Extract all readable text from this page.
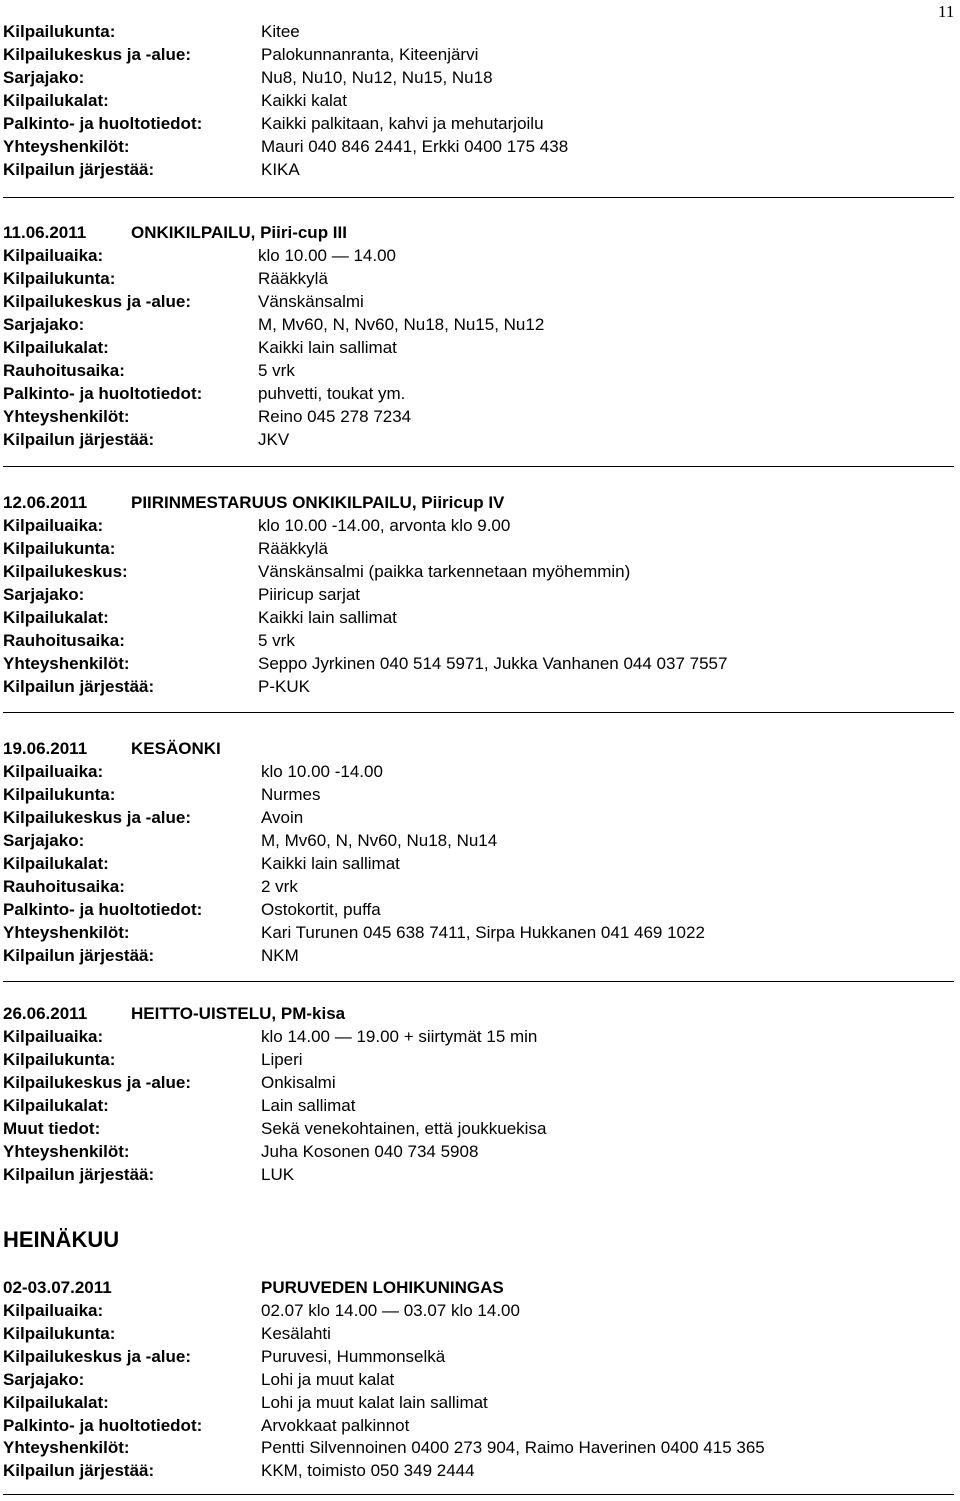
11
Kilpailukunta:	Kitee
Kilpailukeskus ja -alue:	Palokunnanranta, Kiteenjärvi
Sarjajako:	Nu8, Nu10, Nu12, Nu15, Nu18
Kilpailukalat:	Kaikki kalat
Palkinto- ja huoltotiedot:	Kaikki palkitaan, kahvi ja mehutarjoilu
Yhteyshenkilöt:	Mauri 040 846 2441, Erkki 0400 175 438
Kilpailun järjestää:	KIKA
11.06.2011	ONKIKILPAILU, Piiri-cup III
Kilpailuaika:	klo 10.00 — 14.00
Kilpailukunta:	Rääkkylä
Kilpailukeskus ja -alue:	Vänskänsalmi
Sarjajako:	M, Mv60, N, Nv60, Nu18, Nu15, Nu12
Kilpailukalat:	Kaikki lain sallimat
Rauhoitusaika:	5 vrk
Palkinto- ja huoltotiedot:	puhvetti, toukat ym.
Yhteyshenkilöt:	Reino 045 278 7234
Kilpailun järjestää:	JKV
12.06.2011	PIIRINMESTARUUS ONKIKILPAILU, Piiricup IV
Kilpailuaika:	klo 10.00 -14.00, arvonta klo 9.00
Kilpailukunta:	Rääkkylä
Kilpailukeskus:	Vänskänsalmi (paikka tarkennetaan myöhemmin)
Sarjajako:	Piiricup sarjat
Kilpailukalat:	Kaikki lain sallimat
Rauhoitusaika:	5 vrk
Yhteyshenkilöt:	Seppo Jyrkinen 040 514 5971, Jukka Vanhanen 044 037 7557
Kilpailun järjestää:	P-KUK
19.06.2011	KESÄONKI
Kilpailuaika:	klo 10.00 -14.00
Kilpailukunta:	Nurmes
Kilpailukeskus ja -alue:	Avoin
Sarjajako:	M, Mv60, N, Nv60, Nu18, Nu14
Kilpailukalat:	Kaikki lain sallimat
Rauhoitusaika:	2 vrk
Palkinto- ja huoltotiedot:	Ostokortit, puffa
Yhteyshenkilöt:	Kari Turunen 045 638 7411, Sirpa Hukkanen 041 469 1022
Kilpailun järjestää:	NKM
26.06.2011	HEITTO-UISTELU, PM-kisa
Kilpailuaika:	klo 14.00 — 19.00 + siirtymät 15 min
Kilpailukunta:	Liperi
Kilpailukeskus ja -alue:	Onkisalmi
Kilpailukalat:	Lain sallimat
Muut tiedot:	Sekä venekohtainen, että joukkuekisa
Yhteyshenkilöt:	Juha Kosonen 040 734 5908
Kilpailun järjestää:	LUK
HEINÄKUU
02-03.07.2011	PURUVEDEN LOHIKUNINGAS
Kilpailuaika:	02.07 klo 14.00 — 03.07 klo 14.00
Kilpailukunta:	Kesälahti
Kilpailukeskus ja -alue:	Puruvesi, Hummonselkä
Sarjajako:	Lohi ja muut kalat
Kilpailukalat:	Lohi ja muut kalat lain sallimat
Palkinto- ja huoltotiedot:	Arvokkaat palkinnot
Yhteyshenkilöt:	Pentti Silvennoinen 0400 273 904, Raimo Haverinen 0400 415 365
Kilpailun järjestää:	KKM, toimisto 050 349 2444
